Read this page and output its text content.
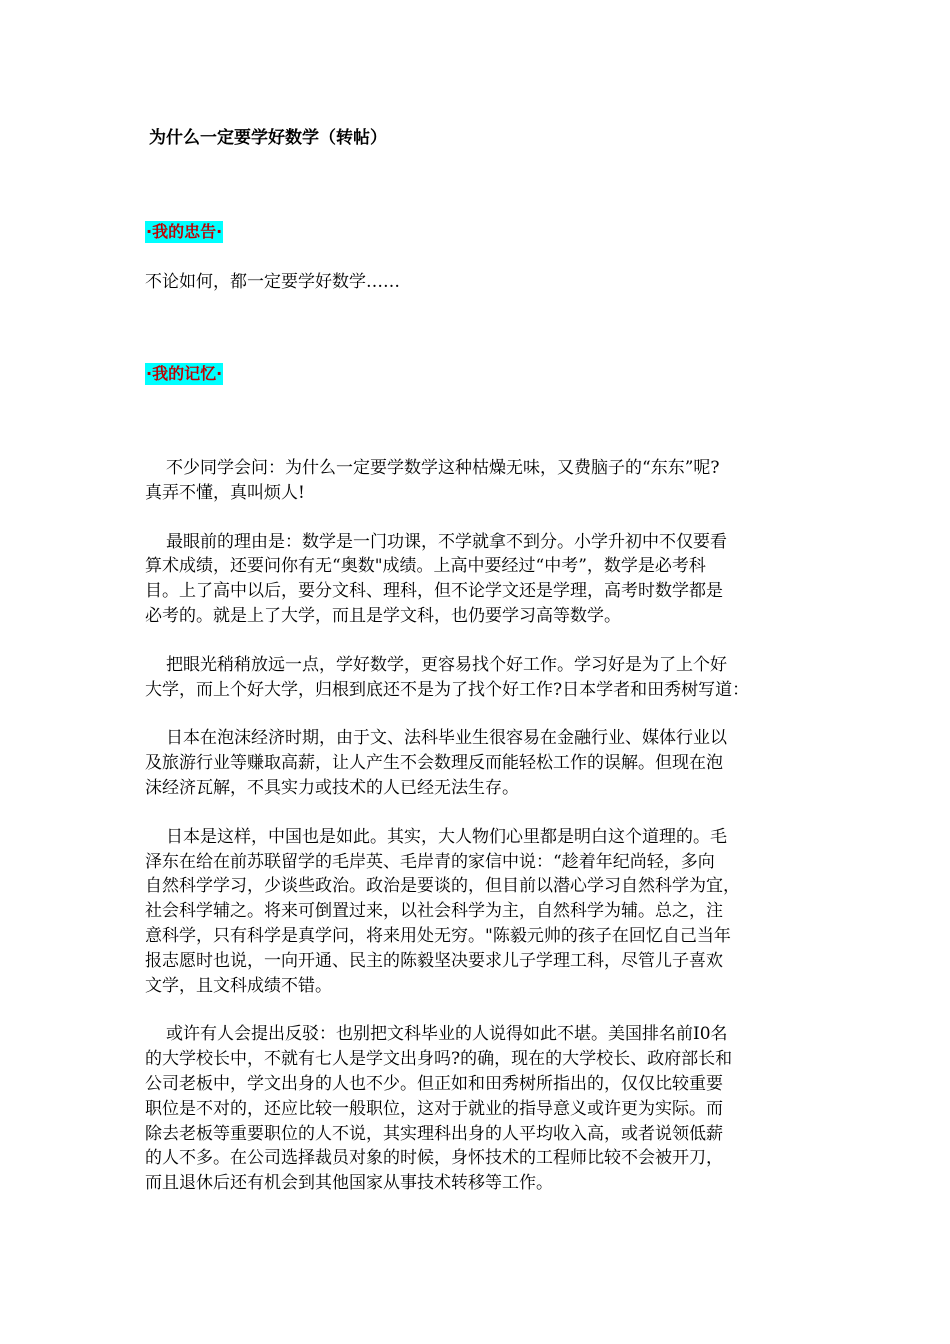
为什么一定要学好数学（转帖）
·我的忠告·
不论如何，都一定要学好数学……
·我的记忆·

不少同学会问：为什么一定要学数学这种枯燥无味，又费脑子的“东东”呢?
真弄不懂，真叫烦人!

最眼前的理由是：数学是一门功课，不学就拿不到分。小学升初中不仅要看
算术成绩，还要问你有无“奥数"成绩。上高中要经过“中考”，数学是必考科
目。上了高中以后，要分文科、理科，但不论学文还是学理，高考时数学都是
必考的。就是上了大学，而且是学文科，也仍要学习高等数学。

把眼光稍稍放远一点，学好数学，更容易找个好工作。学习好是为了上个好
大学，而上个好大学，归根到底还不是为了找个好工作?日本学者和田秀树写道：

日本在泡沫经济时期，由于文、法科毕业生很容易在金融行业、媒体行业以
及旅游行业等赚取高薪，让人产生不会数理反而能轻松工作的误解。但现在泡
沫经济瓦解，不具实力或技术的人已经无法生存。

日本是这样，中国也是如此。其实，大人物们心里都是明白这个道理的。毛
泽东在给在前苏联留学的毛岸英、毛岸青的家信中说：“趁着年纪尚轻，多向
自然科学学习，少谈些政治。政治是要谈的，但目前以潜心学习自然科学为宜，
社会科学辅之。将来可倒置过来，以社会科学为主，自然科学为辅。总之，注
意科学，只有科学是真学问，将来用处无穷。"陈毅元帅的孩子在回忆自己当年
报志愿时也说，一向开通、民主的陈毅坚决要求儿子学理工科，尽管儿子喜欢
文学，且文科成绩不错。

或许有人会提出反驳：也别把文科毕业的人说得如此不堪。美国排名前I0名
的大学校长中，不就有七人是学文出身吗?的确，现在的大学校长、政府部长和
公司老板中，学文出身的人也不少。但正如和田秀树所指出的，仅仅比较重要
职位是不对的，还应比较一般职位，这对于就业的指导意义或许更为实际。而
除去老板等重要职位的人不说，其实理科出身的人平均收入高，或者说领低薪
的人不多。在公司选择裁员对象的时候，身怀技术的工程师比较不会被开刀，
而且退休后还有机会到其他国家从事技术转移等工作。
